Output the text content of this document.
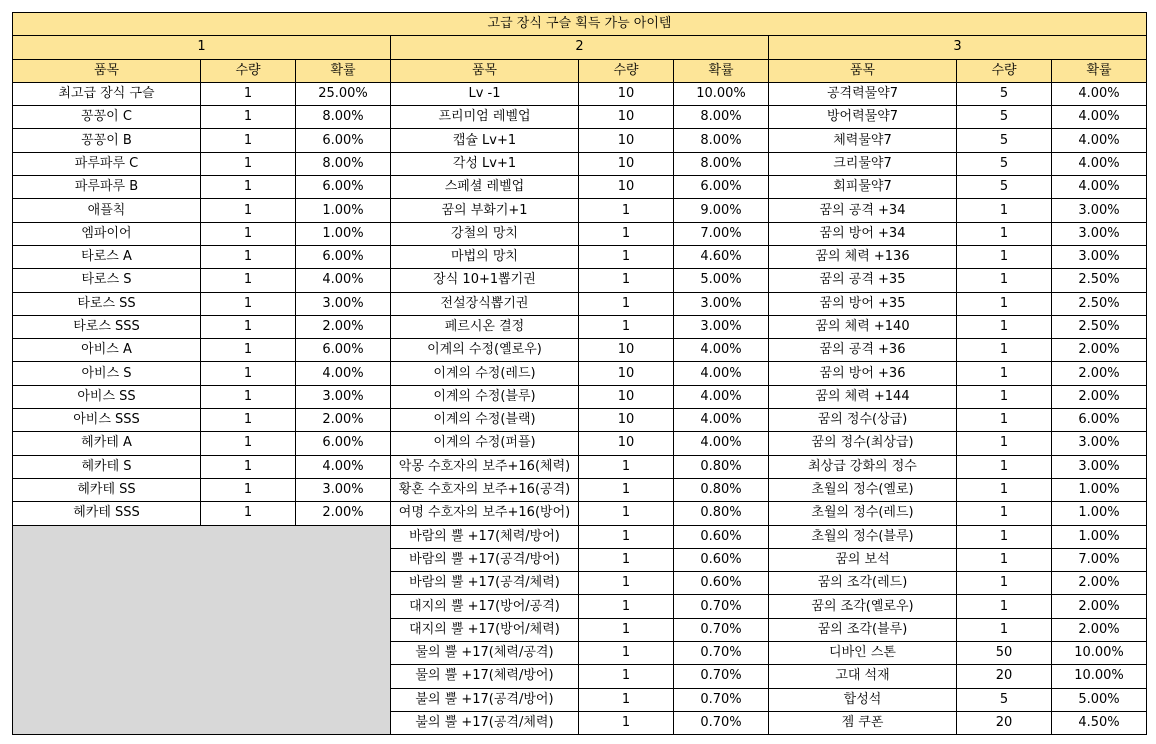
고급 장식 구슬 획득 가능 아이템								
1			2			3		
품목	수량	확률	품목	수량	확률	품목	수량	확률
최고급 장식 구슬	1	25.00%	Lv -1	10	10.00%	공격력물약7	5	4.00%
꽁꽁이 C	1	8.00%	프리미엄 레벨업	10	8.00%	방어력물약7	5	4.00%
꽁꽁이 B	1	6.00%	캡슐 Lv+1	10	8.00%	체력물약7	5	4.00%
파루파루 C	1	8.00%	각성 Lv+1	10	8.00%	크리물약7	5	4.00%
파루파루 B	1	6.00%	스페셜 레벨업	10	6.00%	회피물약7	5	4.00%
애플칙	1	1.00%	꿈의 부화기+1	1	9.00%	꿈의 공격 +34	1	3.00%
엠파이어	1	1.00%	강철의 망치	1	7.00%	꿈의 방어 +34	1	3.00%
타로스 A	1	6.00%	마법의 망치	1	4.60%	꿈의 체력 +136	1	3.00%
타로스 S	1	4.00%	장식 10+1뽑기권	1	5.00%	꿈의 공격 +35	1	2.50%
타로스 SS	1	3.00%	전설장식뽑기권	1	3.00%	꿈의 방어 +35	1	2.50%
타로스 SSS	1	2.00%	페르시온 결정	1	3.00%	꿈의 체력 +140	1	2.50%
아비스 A	1	6.00%	이계의 수정(옐로우)	10	4.00%	꿈의 공격 +36	1	2.00%
아비스 S	1	4.00%	이계의 수정(레드)	10	4.00%	꿈의 방어 +36	1	2.00%
아비스 SS	1	3.00%	이계의 수정(블루)	10	4.00%	꿈의 체력 +144	1	2.00%
아비스 SSS	1	2.00%	이계의 수정(블랙)	10	4.00%	꿈의 정수(상급)	1	6.00%
헤카테 A	1	6.00%	이계의 수정(퍼플)	10	4.00%	꿈의 정수(최상급)	1	3.00%
헤카테 S	1	4.00%	악몽 수호자의 보주+16(체력)	1	0.80%	최상급 강화의 정수	1	3.00%
헤카테 SS	1	3.00%	황혼 수호자의 보주+16(공격)	1	0.80%	초월의 정수(옐로)	1	1.00%
헤카테 SSS	1	2.00%	여명 수호자의 보주+16(방어)	1	0.80%	초월의 정수(레드)	1	1.00%
			바람의 뿔 +17(체력/방어)	1	0.60%	초월의 정수(블루)	1	1.00%
			바람의 뿔 +17(공격/방어)	1	0.60%	꿈의 보석	1	7.00%
			바람의 뿔 +17(공격/체력)	1	0.60%	꿈의 조각(레드)	1	2.00%
			대지의 뿔 +17(방어/공격)	1	0.70%	꿈의 조각(옐로우)	1	2.00%
			대지의 뿔 +17(방어/체력)	1	0.70%	꿈의 조각(블루)	1	2.00%
			물의 뿔 +17(체력/공격)	1	0.70%	디바인 스톤	50	10.00%
			물의 뿔 +17(체력/방어)	1	0.70%	고대 석재	20	10.00%
			불의 뿔 +17(공격/방어)	1	0.70%	합성석	5	5.00%
			불의 뿔 +17(공격/체력)	1	0.70%	젬 쿠폰	20	4.50%
